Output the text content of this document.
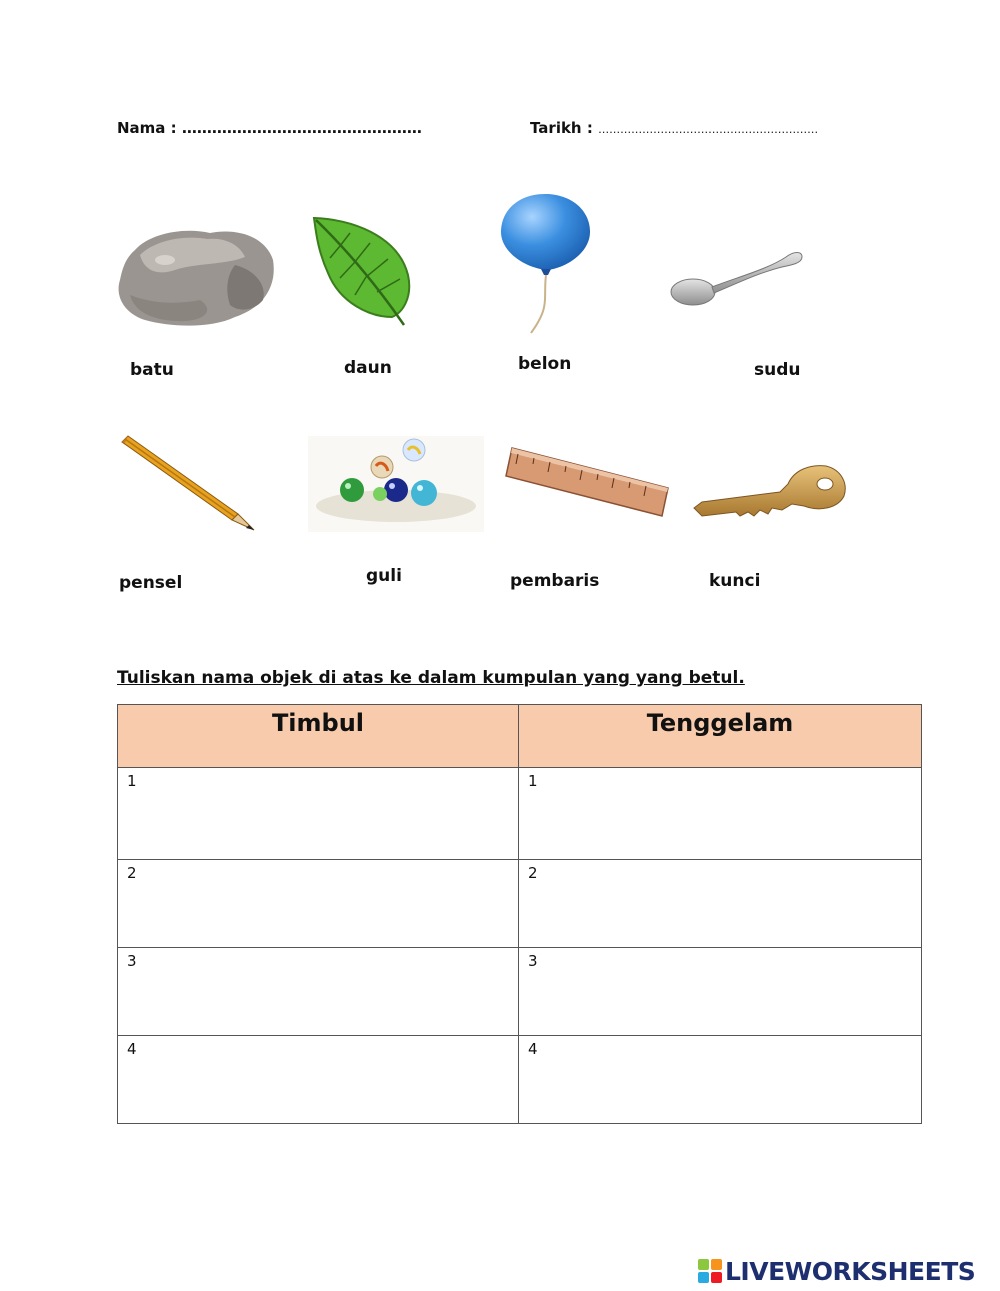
Nama : …………………………………………	Tarikh : ……………………………………………………
batu	daun	belon	sudu
pensel	guli	pembaris	kunci
Tuliskan nama objek di atas ke dalam kumpulan yang yang betul.
Timbul	Tenggelam
1	1
2	2
3	3
4	4
LIVEWORKSHEETS
